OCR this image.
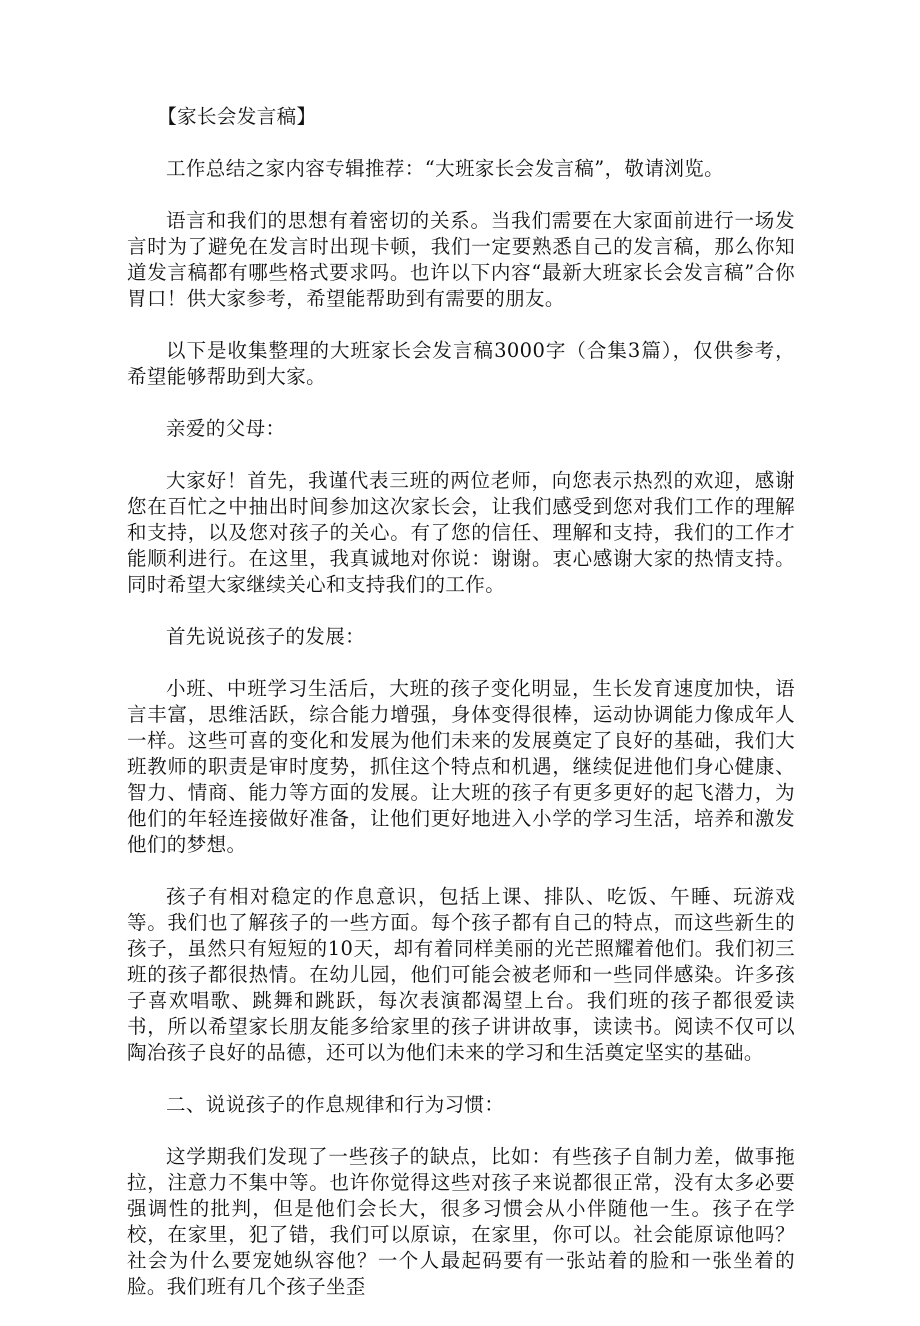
【家长会发言稿】

工作总结之家内容专辑推荐：“大班家长会发言稿”，敬请浏览。

语言和我们的思想有着密切的关系。当我们需要在大家面前进行一场发言时为了避免在发言时出现卡顿，我们一定要熟悉自己的发言稿，那么你知道发言稿都有哪些格式要求吗。也许以下内容“最新大班家长会发言稿”合你胃口！供大家参考，希望能帮助到有需要的朋友。

以下是收集整理的大班家长会发言稿3000字（合集3篇），仅供参考，希望能够帮助到大家。

亲爱的父母：

大家好！首先，我谨代表三班的两位老师，向您表示热烈的欢迎，感谢您在百忙之中抽出时间参加这次家长会，让我们感受到您对我们工作的理解和支持，以及您对孩子的关心。有了您的信任、理解和支持，我们的工作才能顺利进行。在这里，我真诚地对你说：谢谢。衷心感谢大家的热情支持。同时希望大家继续关心和支持我们的工作。

首先说说孩子的发展：

小班、中班学习生活后，大班的孩子变化明显，生长发育速度加快，语言丰富，思维活跃，综合能力增强，身体变得很棒，运动协调能力像成年人一样。这些可喜的变化和发展为他们未来的发展奠定了良好的基础，我们大班教师的职责是审时度势，抓住这个特点和机遇，继续促进他们身心健康、智力、情商、能力等方面的发展。让大班的孩子有更多更好的起飞潜力，为他们的年轻连接做好准备，让他们更好地进入小学的学习生活，培养和激发他们的梦想。

孩子有相对稳定的作息意识，包括上课、排队、吃饭、午睡、玩游戏等。我们也了解孩子的一些方面。每个孩子都有自己的特点，而这些新生的孩子，虽然只有短短的10天，却有着同样美丽的光芒照耀着他们。我们初三班的孩子都很热情。在幼儿园，他们可能会被老师和一些同伴感染。许多孩子喜欢唱歌、跳舞和跳跃，每次表演都渴望上台。我们班的孩子都很爱读书，所以希望家长朋友能多给家里的孩子讲讲故事，读读书。阅读不仅可以陶冶孩子良好的品德，还可以为他们未来的学习和生活奠定坚实的基础。

二、说说孩子的作息规律和行为习惯：

这学期我们发现了一些孩子的缺点，比如：有些孩子自制力差，做事拖拉，注意力不集中等。也许你觉得这些对孩子来说都很正常，没有太多必要强调性的批判，但是他们会长大，很多习惯会从小伴随他一生。孩子在学校，在家里，犯了错，我们可以原谅，在家里，你可以。社会能原谅他吗？社会为什么要宠她纵容他？一个人最起码要有一张站着的脸和一张坐着的脸。我们班有几个孩子坐歪
